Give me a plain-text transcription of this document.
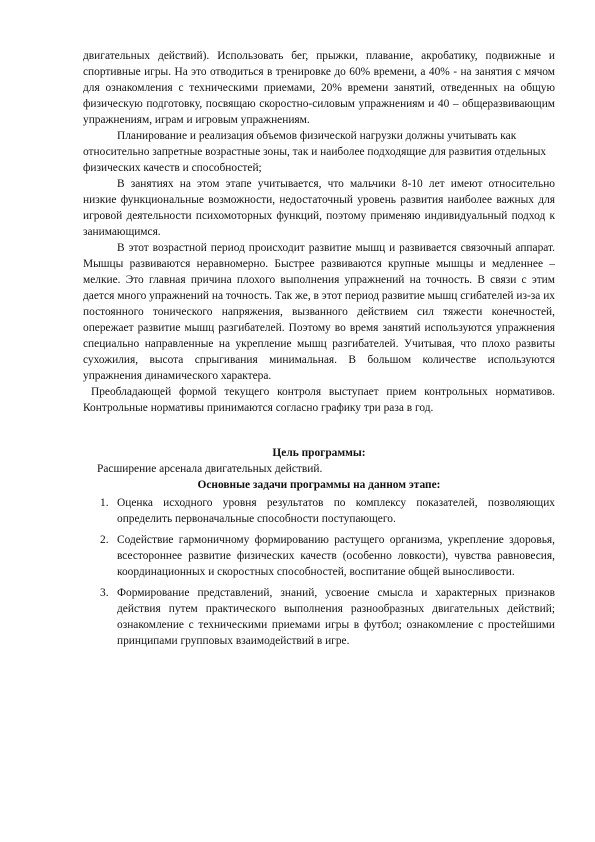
двигательных действий). Использовать бег, прыжки, плавание, акробатику, подвижные и спортивные игры. На это отводиться в тренировке до 60% времени, а 40% - на занятия с мячом для ознакомления с техническими приемами, 20% времени занятий, отведенных на общую физическую подготовку, посвящаю скоростно-силовым упражнениям и 40 – общеразвивающим упражнениям, играм и игровым упражнениям.

Планирование и реализация объемов физической нагрузки должны учитывать как относительно запретные возрастные зоны, так и наиболее подходящие для развития отдельных физических качеств и способностей;

В занятиях на этом этапе учитывается, что мальчики 8-10 лет имеют относительно низкие функциональные возможности, недостаточный уровень развития наиболее важных для игровой деятельности психомоторных функций, поэтому применяю индивидуальный подход к занимающимся.

В этот возрастной период происходит развитие мышц и развивается связочный аппарат. Мышцы развиваются неравномерно. Быстрее развиваются крупные мышцы и медленнее – мелкие. Это главная причина плохого выполнения упражнений на точность. В связи с этим дается много упражнений на точность. Так же, в этот период развитие мышц сгибателей из-за их постоянного тонического напряжения, вызванного действием сил тяжести конечностей, опережает развитие мышц разгибателей. Поэтому во время занятий используются упражнения специально направленные на укрепление мышц разгибателей. Учитывая, что плохо развиты сухожилия, высота спрыгивания минимальная. В большом количестве используются упражнения динамического характера.

Преобладающей формой текущего контроля выступает прием контрольных нормативов. Контрольные нормативы принимаются согласно графику три раза в год.

Цель программы:

Расширение арсенала двигательных действий.

Основные задачи программы на данном этапе:

1. Оценка исходного уровня результатов по комплексу показателей, позволяющих определить первоначальные способности поступающего.
2. Содействие гармоничному формированию растущего организма, укрепление здоровья, всестороннее развитие физических качеств (особенно ловкости), чувства равновесия, координационных и скоростных способностей, воспитание общей выносливости.
3. Формирование представлений, знаний, усвоение смысла и характерных признаков действия путем практического выполнения разнообразных двигательных действий; ознакомление с техническими приемами игры в футбол; ознакомление с простейшими принципами групповых взаимодействий в игре.
